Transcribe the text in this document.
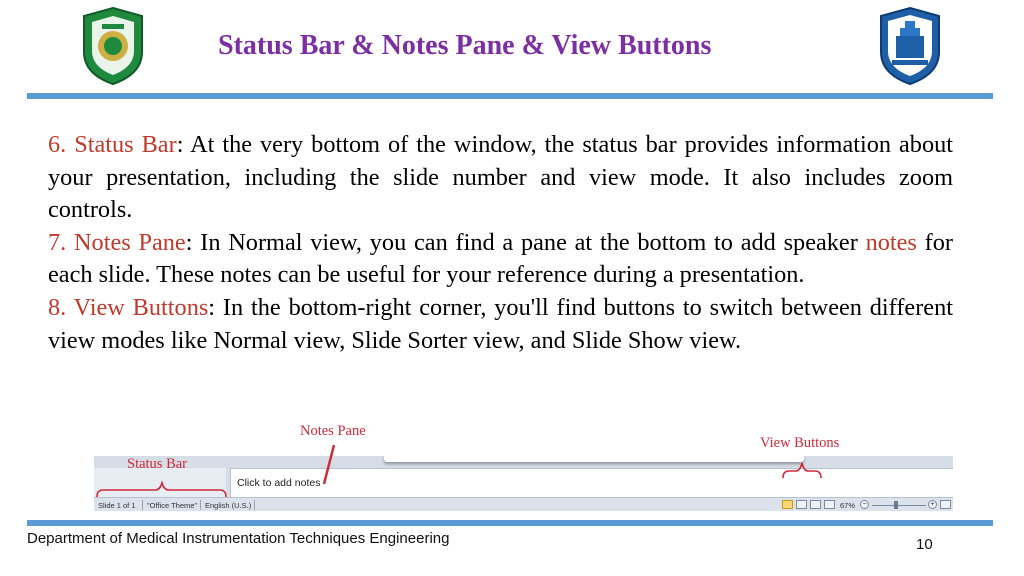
Status Bar & Notes Pane & View Buttons

6. Status Bar: At the very bottom of the window, the status bar provides information about your presentation, including the slide number and view mode. It also includes zoom controls.

7. Notes Pane: In Normal view, you can find a pane at the bottom to add speaker notes for each slide. These notes can be useful for your reference during a presentation.

8. View Buttons: In the bottom-right corner, you'll find buttons to switch between different view modes like Normal view, Slide Sorter view, and Slide Show view.

Click to add notes
Slide 1 of 1 "Office Theme" English (U.S.)	67%	−	+
Notes Pane
Status Bar
View Buttons
Department of Medical Instrumentation Techniques Engineering	10
